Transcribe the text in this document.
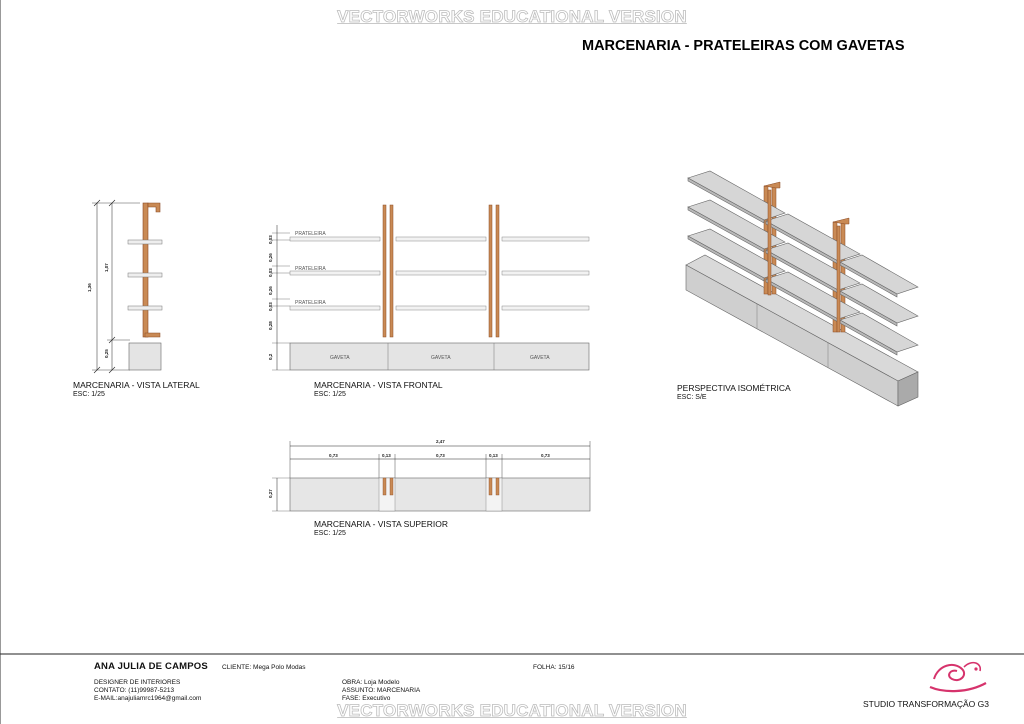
VECTORWORKS EDUCATIONAL VERSION
MARCENARIA - PRATELEIRAS COM GAVETAS
1,36
1,07
0,25
0,03
0,26
0,03
0,26
0,03
0,28
0,2
PRATELEIRA
PRATELEIRA
PRATELEIRA
GAVETA	GAVETA	GAVETA
2,47
0,73	0,13	0,73	0,13	0,73
0,27
MARCENARIA - VISTA LATERAL
ESC: 1/25
MARCENARIA - VISTA FRONTAL
ESC: 1/25
PERSPECTIVA ISOMÉTRICA
ESC: S/E
MARCENARIA - VISTA SUPERIOR
ESC: 1/25
ANA JULIA DE CAMPOS CLIENTE: Mega Polo Modas	FOLHA: 15/16
DESIGNER DE INTERIORES
CONTATO: (11)99987-5213
E-MAIL:anajuliamrc1964@gmail.com
OBRA: Loja Modelo
ASSUNTO: MARCENARIA
FASE: Executivo
STUDIO TRANSFORMAÇÃO G3
VECTORWORKS EDUCATIONAL VERSION
